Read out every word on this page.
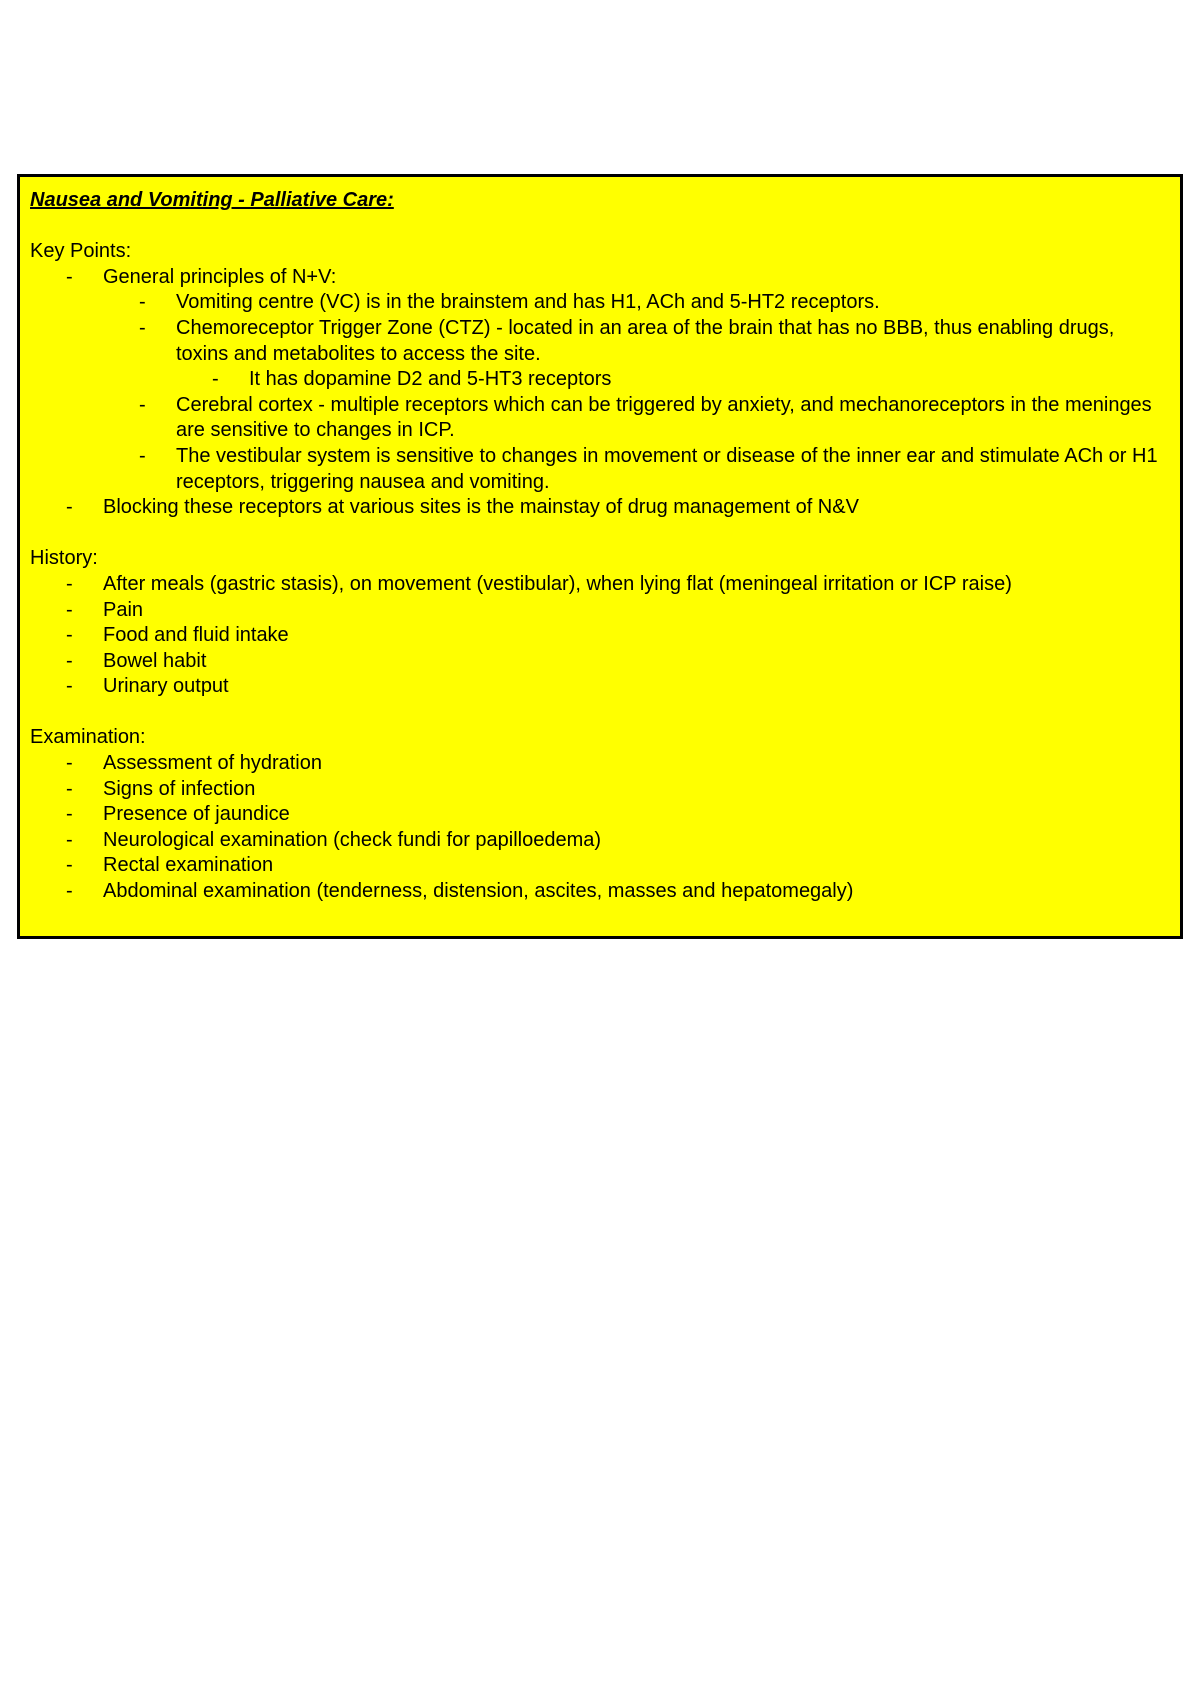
Nausea and Vomiting - Palliative Care:
Key Points:
- General principles of N+V:
- Vomiting centre (VC) is in the brainstem and has H1, ACh and 5-HT2 receptors.
- Chemoreceptor Trigger Zone (CTZ) - located in an area of the brain that has no BBB, thus enabling drugs, toxins and metabolites to access the site.
- It has dopamine D2 and 5-HT3 receptors
- Cerebral cortex - multiple receptors which can be triggered by anxiety, and mechanoreceptors in the meninges are sensitive to changes in ICP.
- The vestibular system is sensitive to changes in movement or disease of the inner ear and stimulate ACh or H1 receptors, triggering nausea and vomiting.
- Blocking these receptors at various sites is the mainstay of drug management of N&V
History:
- After meals (gastric stasis), on movement (vestibular), when lying flat (meningeal irritation or ICP raise)
- Pain
- Food and fluid intake
- Bowel habit
- Urinary output
Examination:
- Assessment of hydration
- Signs of infection
- Presence of jaundice
- Neurological examination (check fundi for papilloedema)
- Rectal examination
- Abdominal examination (tenderness, distension, ascites, masses and hepatomegaly)
